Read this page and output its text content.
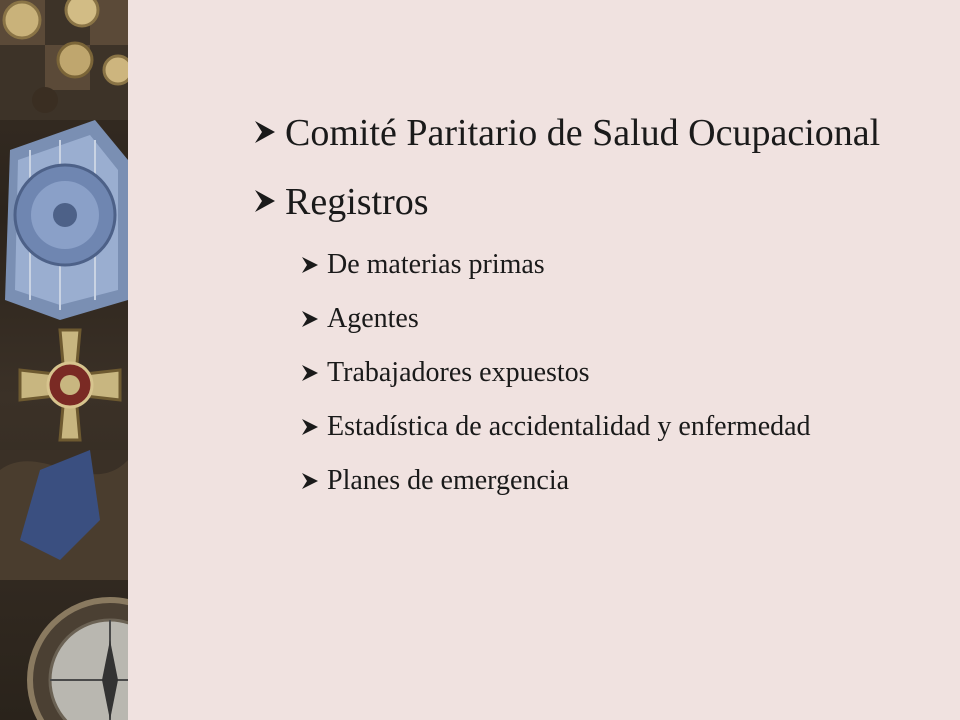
Comité Paritario de Salud Ocupacional
Registros
De materias primas
Agentes
Trabajadores expuestos
Estadística de accidentalidad y enfermedad
Planes de emergencia
